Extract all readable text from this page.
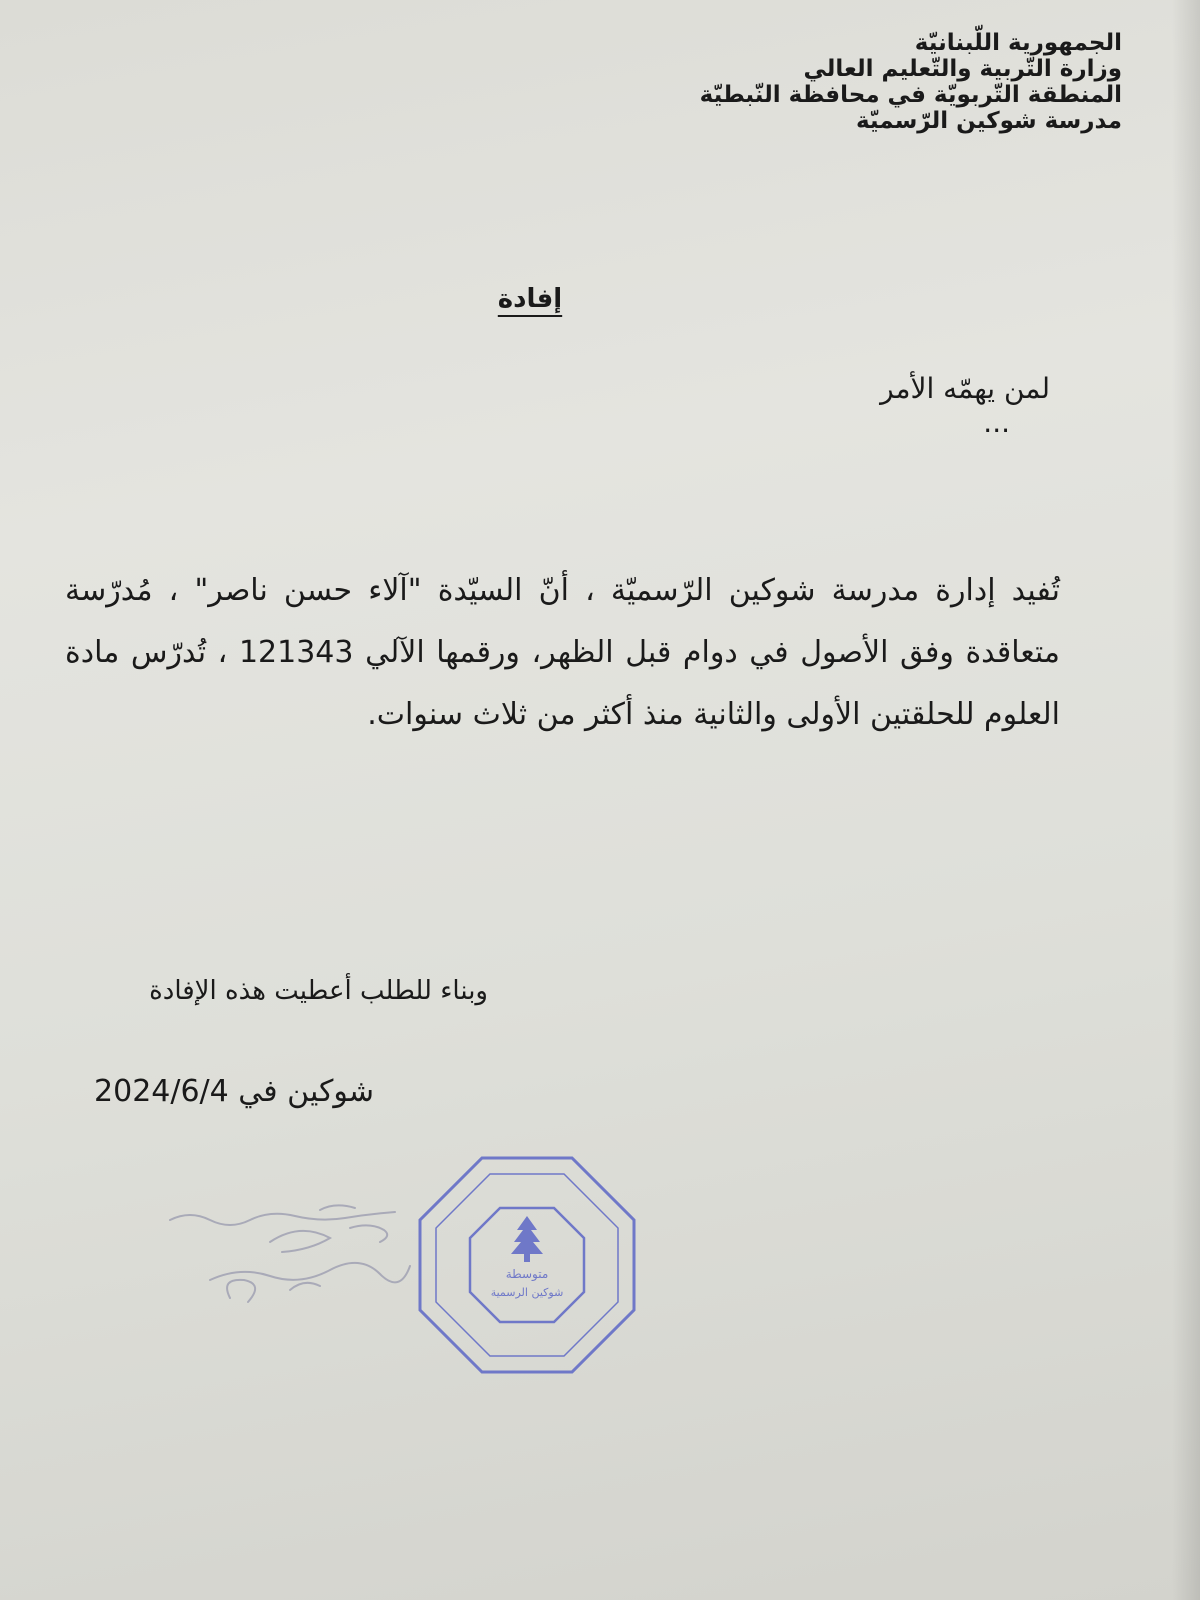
الجمهورية اللّبنانيّة
وزارة التّربية والتّعليم العالي
المنطقة التّربويّة في محافظة النّبطيّة
مدرسة شوكين الرّسميّة
إفادة
لمن يهمّه الأمر
...
تُفيد إدارة مدرسة شوكين الرّسميّة ، أنّ السيّدة "آلاء حسن ناصر" ، مُدرّسة متعاقدة وفق الأصول في دوام قبل الظهر، ورقمها الآلي 121343 ، تُدرّس مادة العلوم للحلقتين الأولى والثانية منذ أكثر من ثلاث سنوات.
وبناء للطلب أعطيت هذه الإفادة
شوكين في 2024/6/4
متوسطة
شوكين الرسمية
